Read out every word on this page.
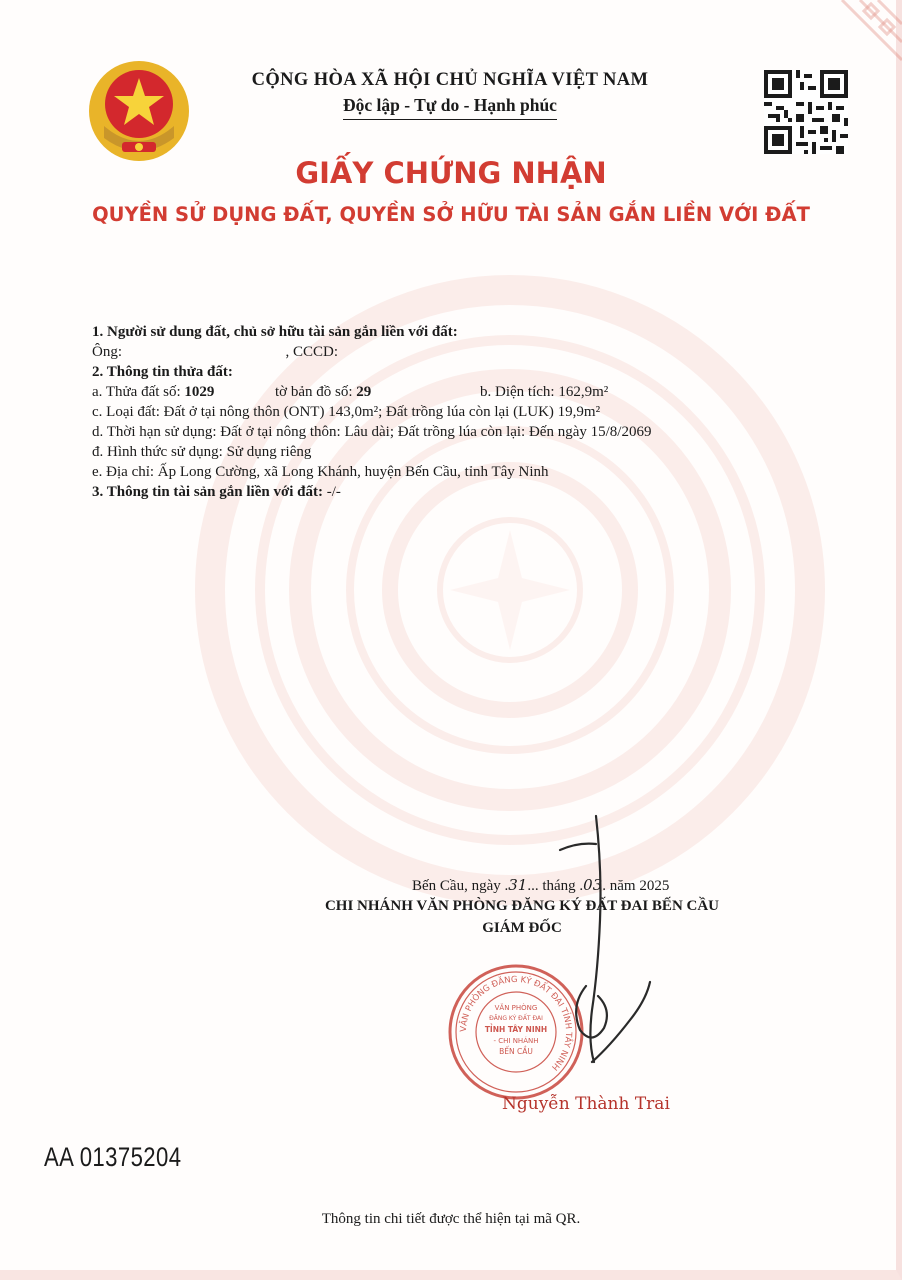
CỘNG HÒA XÃ HỘI CHỦ NGHĨA VIỆT NAM
Độc lập - Tự do - Hạnh phúc
GIẤY CHỨNG NHẬN
QUYỀN SỬ DỤNG ĐẤT, QUYỀN SỞ HỮU TÀI SẢN GẮN LIỀN VỚI ĐẤT
1. Người sử dung đất, chủ sở hữu tài sản gắn liền với đất:
Ông:	, CCCD:
2. Thông tin thửa đất:
a. Thửa đất số: 1029	tờ bản đồ số: 29	b. Diện tích: 162,9m²
c. Loại đất: Đất ở tại nông thôn (ONT) 143,0m²; Đất trồng lúa còn lại (LUK) 19,9m²
d. Thời hạn sử dụng: Đất ở tại nông thôn: Lâu dài; Đất trồng lúa còn lại: Đến ngày 15/8/2069
đ. Hình thức sử dụng: Sử dụng riêng
e. Địa chỉ: Ấp Long Cường, xã Long Khánh, huyện Bến Cầu, tỉnh Tây Ninh
3. Thông tin tài sản gắn liền với đất: -/-
Bến Cầu, ngày .31... tháng .03. năm 2025
CHI NHÁNH VĂN PHÒNG ĐĂNG KÝ ĐẤT ĐAI BẾN CẦU
GIÁM ĐỐC
VĂN PHÒNG ĐĂNG KÝ ĐẤT ĐAI TỈNH TÂY NINH
VĂN PHÒNG
ĐĂNG KÝ ĐẤT ĐAI
TỈNH TÂY NINH
- CHI NHÁNH
BẾN CẦU
Nguyễn Thành Trai
AA 01375204
Thông tin chi tiết được thể hiện tại mã QR.
